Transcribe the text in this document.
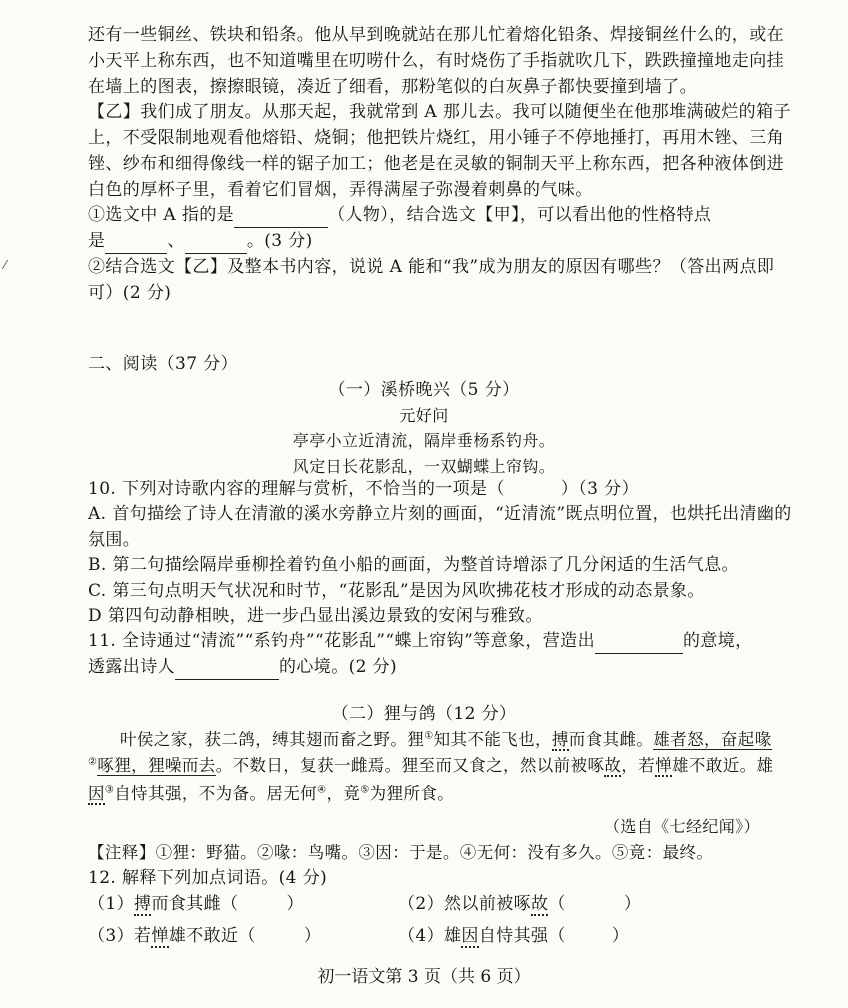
⁄
还有一些铜丝、铁块和铅条。他从早到晚就站在那儿忙着熔化铅条、焊接铜丝什么的，或在
小天平上称东西，也不知道嘴里在叨唠什么，有时烧伤了手指就吹几下，跌跌撞撞地走向挂
在墙上的图表，擦擦眼镜，凑近了细看，那粉笔似的白灰鼻子都快要撞到墙了。
【乙】我们成了朋友。从那天起，我就常到 A 那儿去。我可以随便坐在他那堆满破烂的箱子
上，不受限制地观看他熔铅、烧铜；他把铁片烧红，用小锤子不停地捶打，再用木锉、三角
锉、纱布和细得像线一样的锯子加工；他老是在灵敏的铜制天平上称东西，把各种液体倒进
白色的厚杯子里，看着它们冒烟，弄得满屋子弥漫着刺鼻的气味。
①选文中 A 指的是	（人物），结合选文【甲】，可以看出他的性格特点
是	、	。(3 分)
②结合选文【乙】及整本书内容，说说 A 能和“我”成为朋友的原因有哪些？（答出两点即
可）(2 分)
二、阅读（37 分）
（一）溪桥晚兴（5 分）
元好问
亭亭小立近清流，隔岸垂杨系钓舟。
风定日长花影乱，一双蝴蝶上帘钩。
10. 下列对诗歌内容的理解与赏析，不恰当的一项是（	）（3 分）
A. 首句描绘了诗人在清澈的溪水旁静立片刻的画面，“近清流”既点明位置，也烘托出清幽的
氛围。
B. 第二句描绘隔岸垂柳拴着钓鱼小船的画面，为整首诗增添了几分闲适的生活气息。
C. 第三句点明天气状况和时节，“花影乱”是因为风吹拂花枝才形成的动态景象。
D 第四句动静相映，进一步凸显出溪边景致的安闲与雅致。
11. 全诗通过“清流”“系钓舟”“花影乱”“蝶上帘钩”等意象，营造出	的意境，
透露出诗人	的心境。(2 分)
（二）狸与鸽（12 分）
叶侯之家，获二鸽，缚其翅而畜之野。狸①知其不能飞也，搏而食其雌。雄者怒，奋起喙
②啄狸，狸噪而去。不数日，复获一雌焉。狸至而又食之，然以前被啄故，若惮雄不敢近。雄
因③自恃其强，不为备。居无何④，竟⑤为狸所食。
（选自《七经纪闻》）
【注释】①狸：野猫。②喙：鸟嘴。③因：于是。④无何：没有多久。⑤竟：最终。
12. 解释下列加点词语。(4 分)
（1）搏而食其雌（	）	（2）然以前被啄故（	）
（3）若惮雄不敢近（	）	（4）雄因自恃其强（	）
初一语文第 3 页（共 6 页）
